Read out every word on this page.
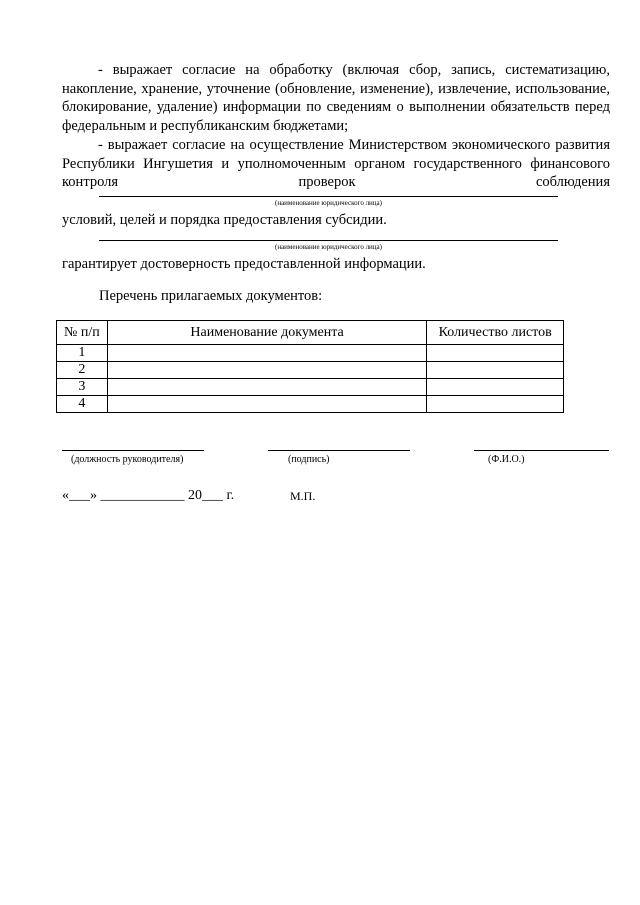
- выражает согласие на обработку (включая сбор, запись, систематизацию, накопление, хранение, уточнение (обновление, изменение), извлечение, использование, блокирование, удаление) информации по сведениям о выполнении обязательств перед федеральным и республиканским бюджетами;

- выражает согласие на осуществление Министерством экономического развития Республики Ингушетия и уполномоченным органом государственного финансового контроля проверок соблюдения

(наименование юридического лица)
условий, целей и порядка предоставления субсидии.
(наименование юридического лица)
гарантирует достоверность предоставленной информации.
Перечень прилагаемых документов:
№ п/п	Наименование документа	Количество листов
1		
2		
3		
4		
(должность руководителя)	(подпись)	(Ф.И.О.)
«___» ____________ 20___ г.	М.П.
